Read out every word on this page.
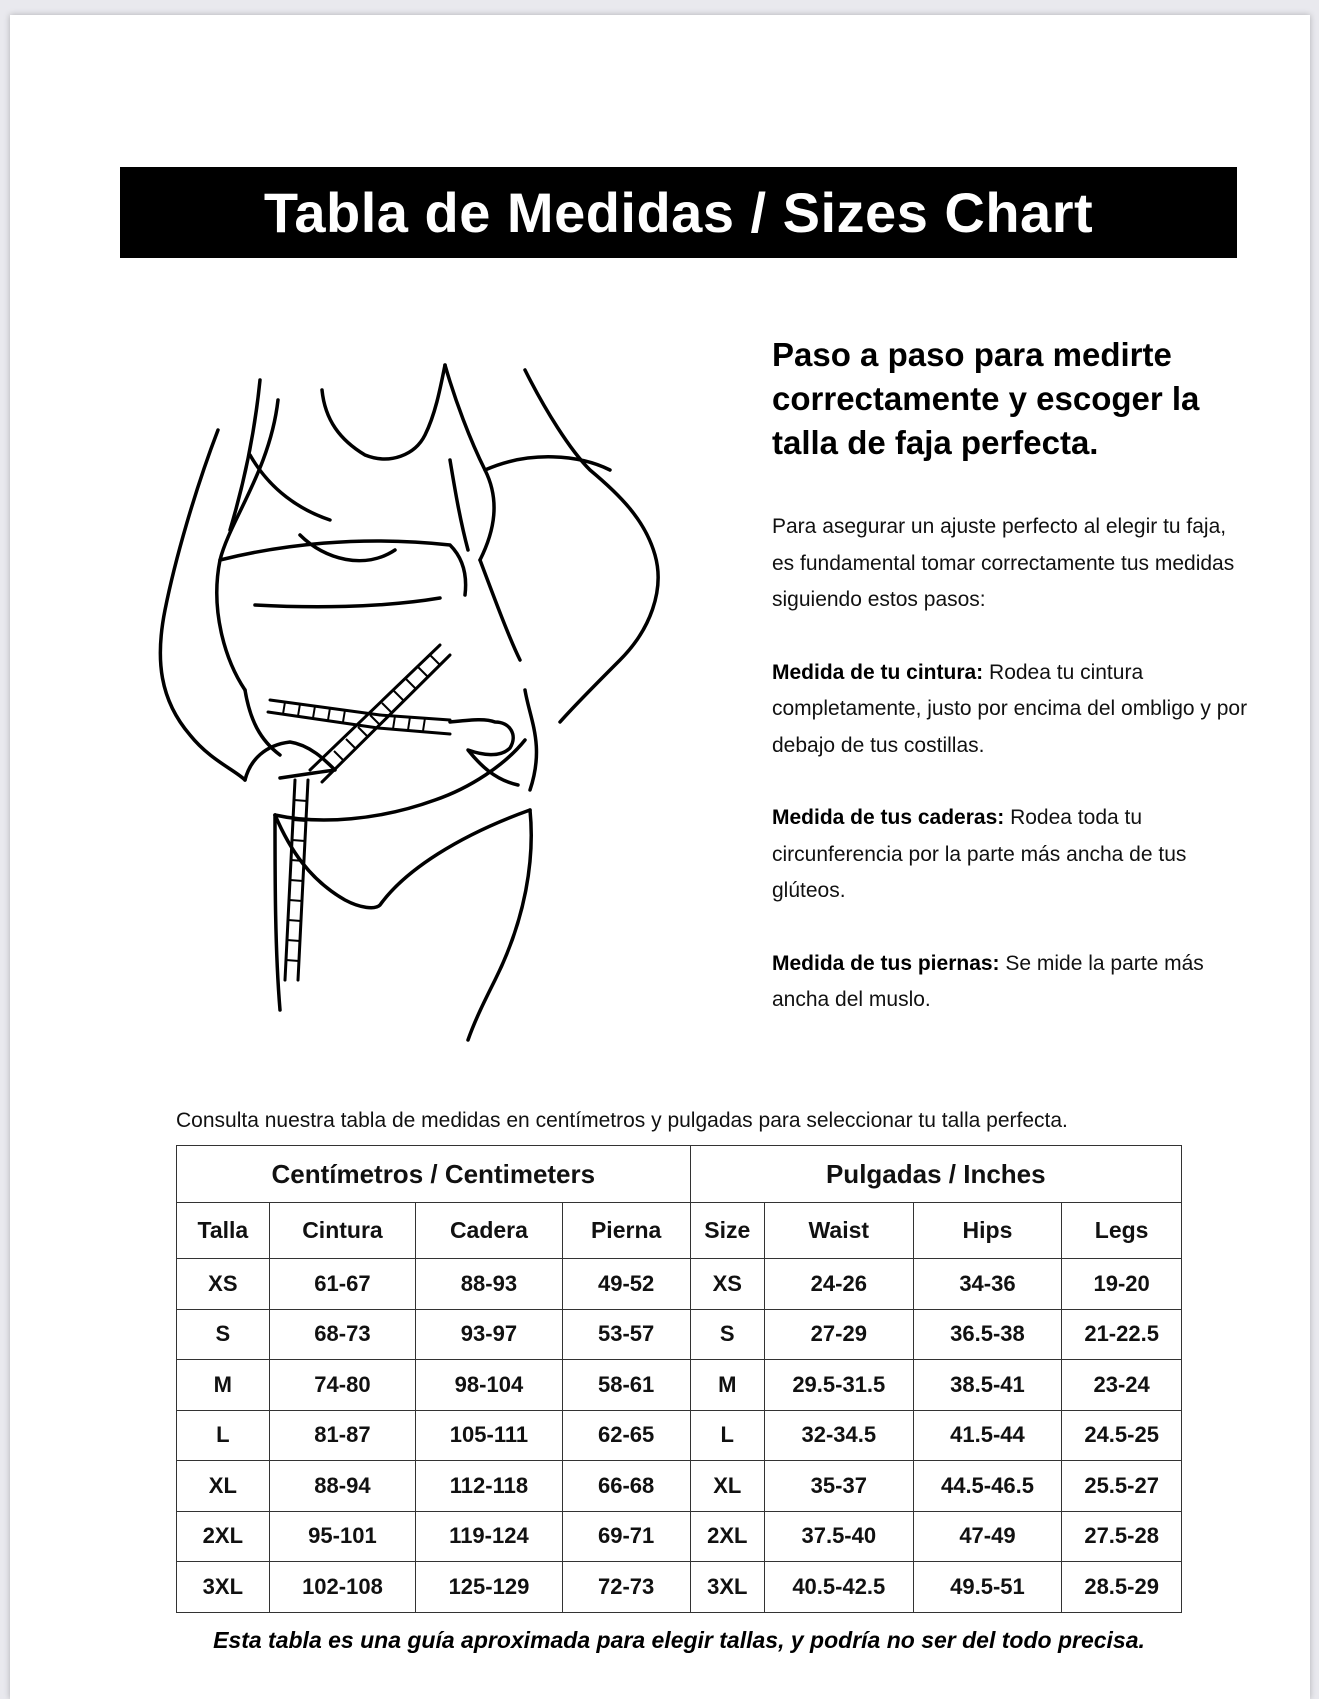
Tabla de Medidas / Sizes Chart
Paso a paso para medirte correctamente y escoger la talla de faja perfecta.

Para asegurar un ajuste perfecto al elegir tu faja, es fundamental tomar correctamente tus medidas siguiendo estos pasos:

Medida de tu cintura: Rodea tu cintura completamente, justo por encima del ombligo y por debajo de tus costillas.

Medida de tus caderas: Rodea toda tu circunferencia por la parte más ancha de tus glúteos.

Medida de tus piernas: Se mide la parte más ancha del muslo.

Consulta nuestra tabla de medidas en centímetros y pulgadas para seleccionar tu talla perfecta.
Centímetros / Centimeters				Pulgadas / Inches			
Talla	Cintura	Cadera	Pierna	Size	Waist	Hips	Legs
XS	61-67	88-93	49-52	XS	24-26	34-36	19-20
S	68-73	93-97	53-57	S	27-29	36.5-38	21-22.5
M	74-80	98-104	58-61	M	29.5-31.5	38.5-41	23-24
L	81-87	105-111	62-65	L	32-34.5	41.5-44	24.5-25
XL	88-94	112-118	66-68	XL	35-37	44.5-46.5	25.5-27
2XL	95-101	119-124	69-71	2XL	37.5-40	47-49	27.5-28
3XL	102-108	125-129	72-73	3XL	40.5-42.5	49.5-51	28.5-29
Esta tabla es una guía aproximada para elegir tallas, y podría no ser del todo precisa.
